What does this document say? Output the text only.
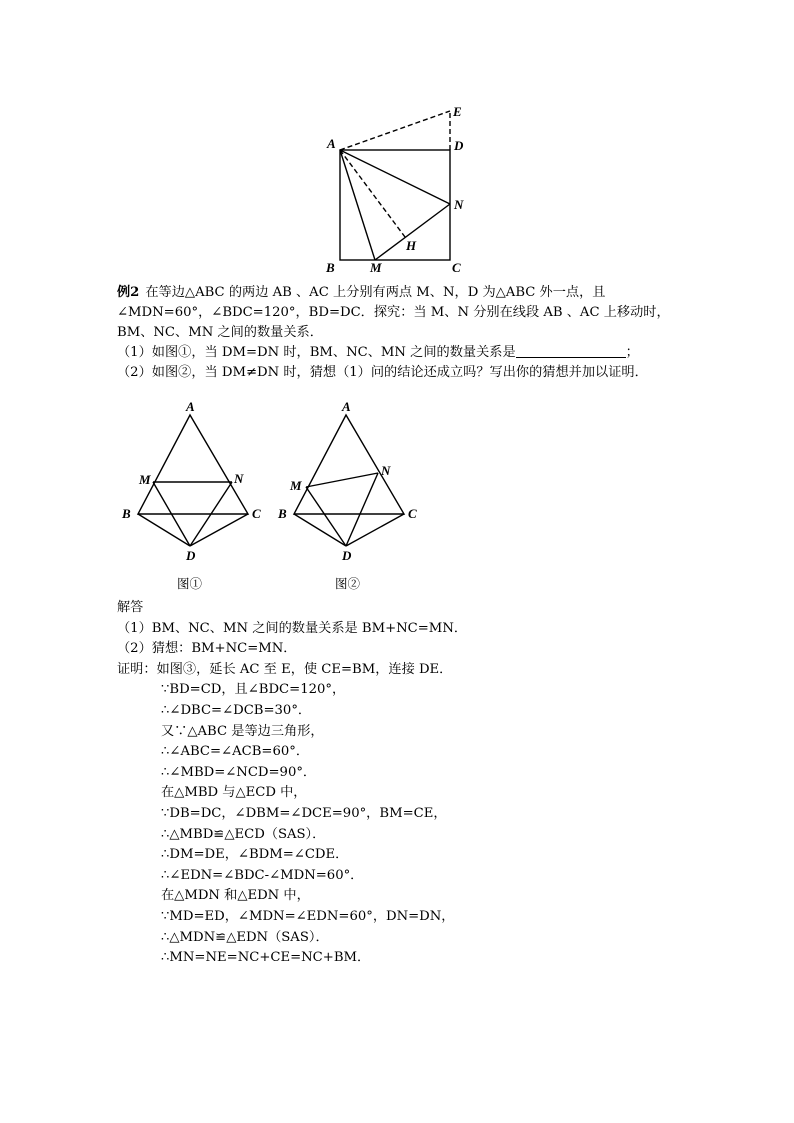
A
E
D
N
H
B	M	C

例2 在等边△ABC 的两边 AB 、AC 上分别有两点 M、N，D 为△ABC 外一点，且

∠MDN=60°，∠BDC=120°，BD=DC．探究：当 M、N 分别在线段 AB 、AC 上移动时，

BM、NC、MN 之间的数量关系．

（1）如图①，当 DM=DN 时，BM、NC、MN 之间的数量关系是	；

（2）如图②，当 DM≠DN 时，猜想（1）问的结论还成立吗？写出你的猜想并加以证明．

A
M	N
B	C
D
图①
A
M
N
B	C
D
图②

解答

（1）BM、NC、MN 之间的数量关系是 BM+NC=MN．

（2）猜想：BM+NC=MN．

证明：如图③，延长 AC 至 E，使 CE=BM，连接 DE．

∵BD=CD，且∠BDC=120°，

∴∠DBC=∠DCB=30°．

又∵△ABC 是等边三角形，

∴∠ABC=∠ACB=60°．

∴∠MBD=∠NCD=90°．

在△MBD 与△ECD 中，

∵DB=DC，∠DBM=∠DCE=90°，BM=CE，

∴△MBD≌△ECD（SAS）．

∴DM=DE，∠BDM=∠CDE．

∴∠EDN=∠BDC-∠MDN=60°．

在△MDN 和△EDN 中，

∵MD=ED，∠MDN=∠EDN=60°，DN=DN，

∴△MDN≌△EDN（SAS）．

∴MN=NE=NC+CE=NC+BM．
